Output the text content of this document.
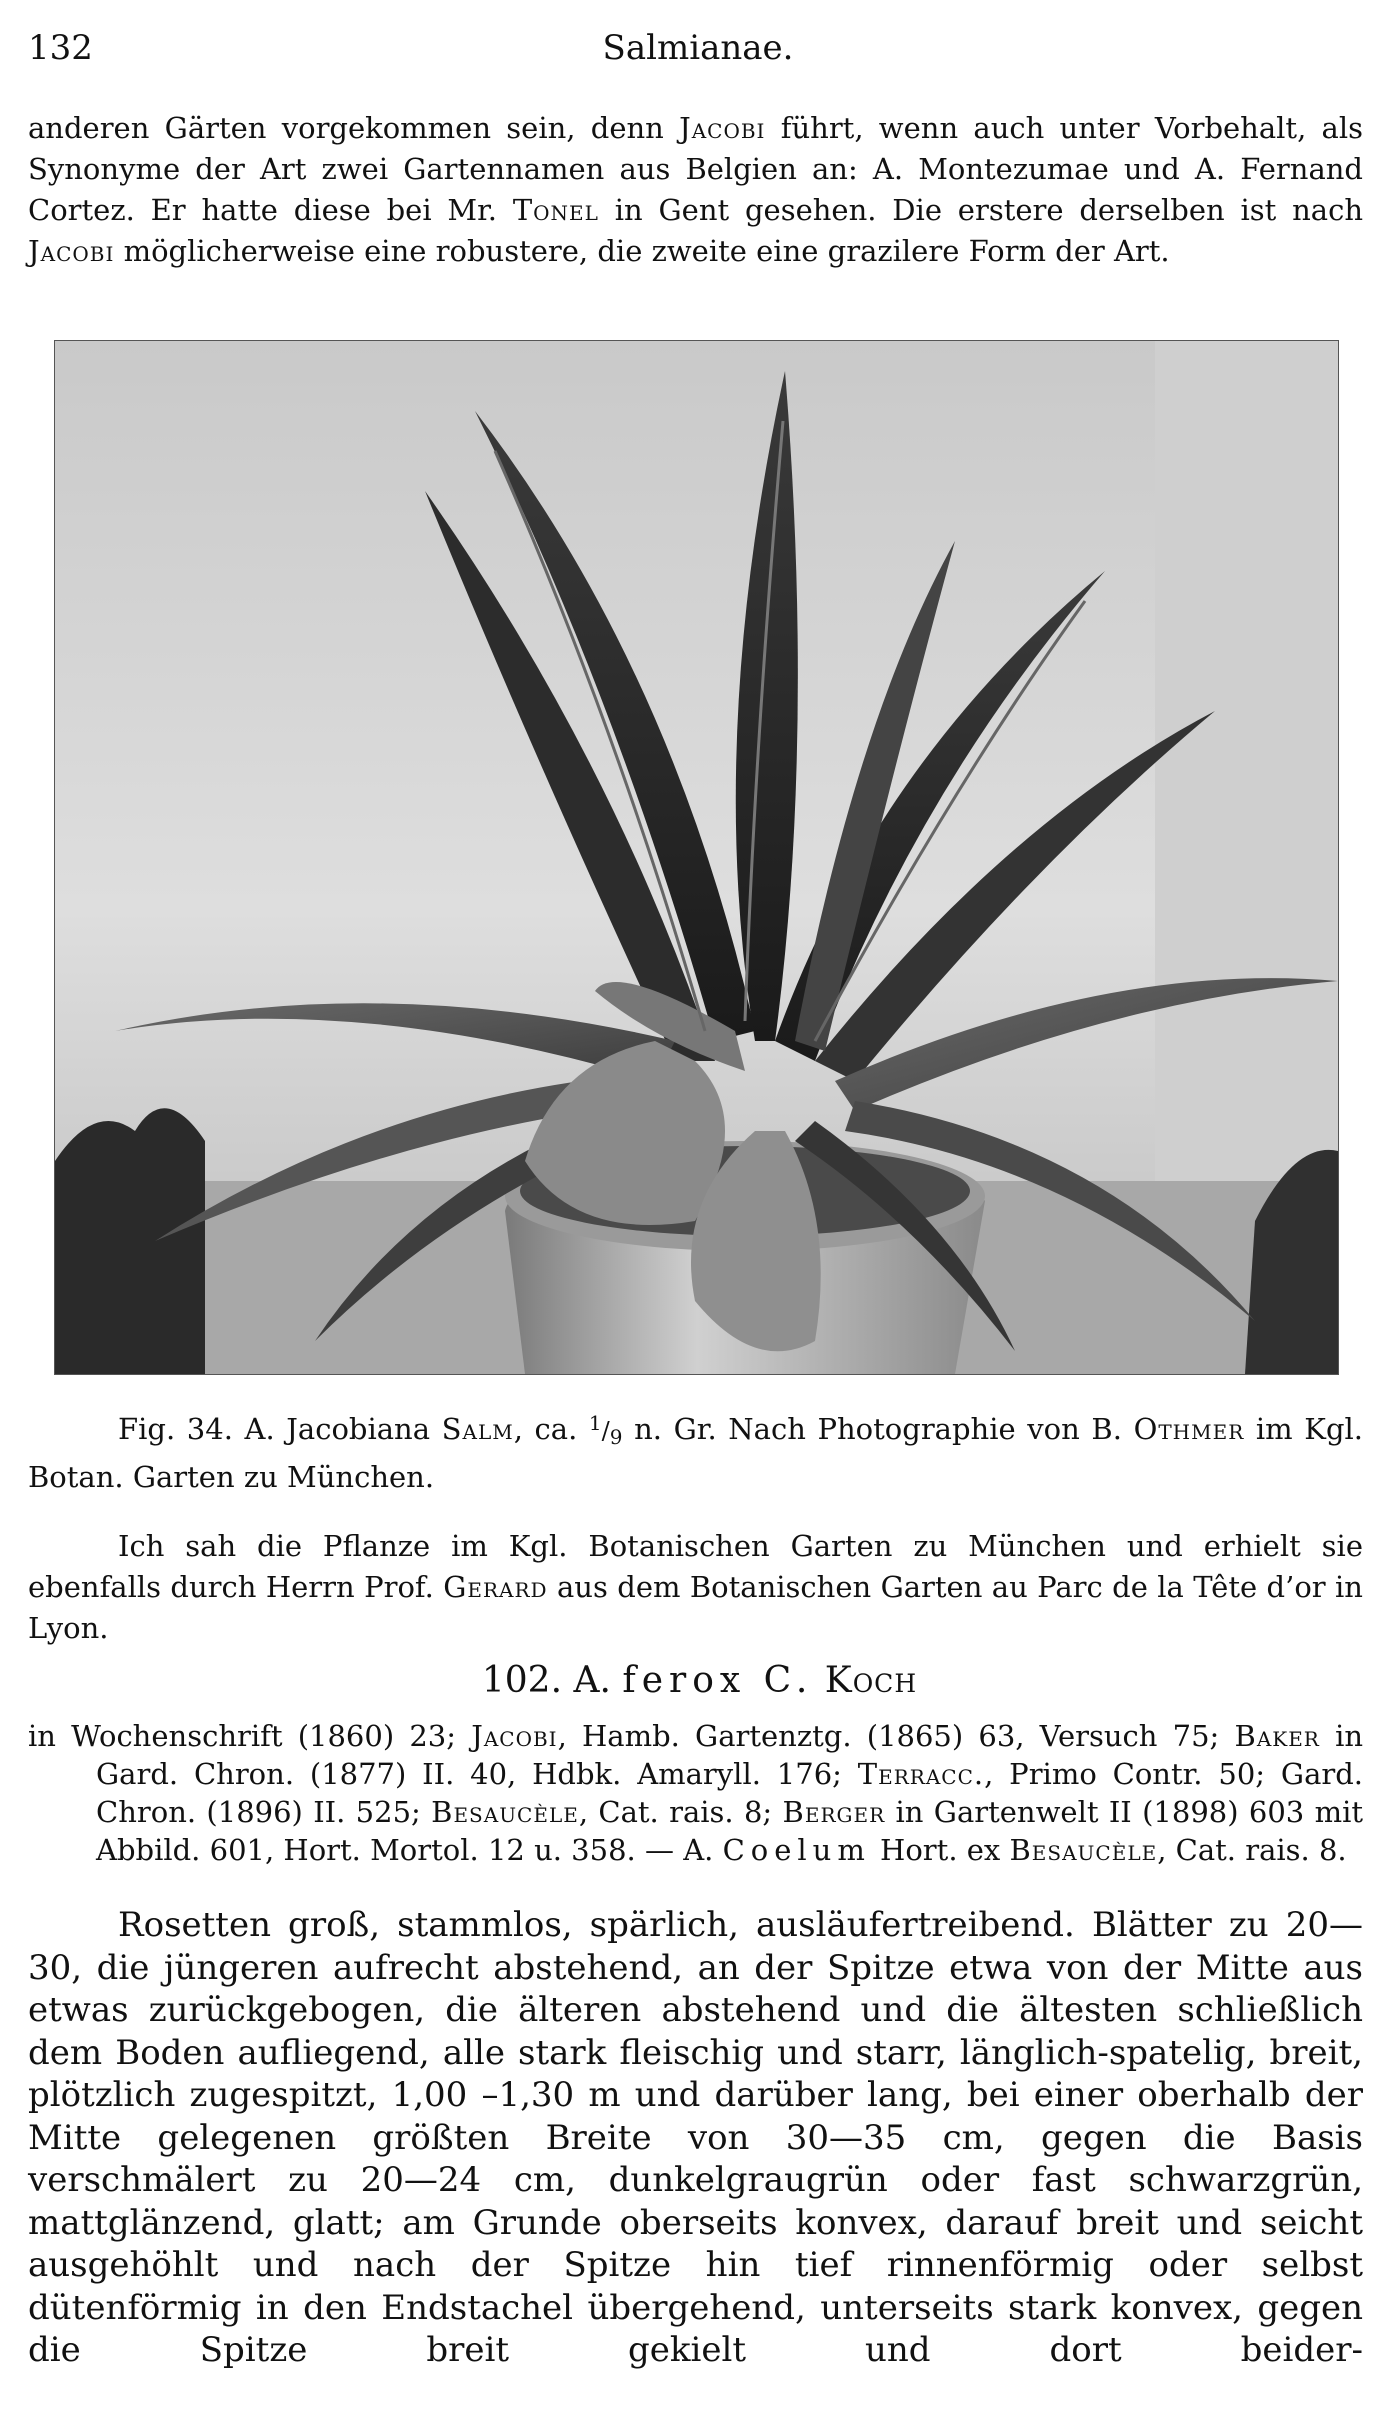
132	Salmianae.

anderen Gärten vorgekommen sein, denn Jacobi führt, wenn auch unter Vorbehalt, als Synonyme der Art zwei Gartennamen aus Belgien an: A. Montezumae und A. Fernand Cortez. Er hatte diese bei Mr. Tonel in Gent gesehen. Die erstere derselben ist nach Jacobi möglicherweise eine robustere, die zweite eine grazilere Form der Art.

Fig. 34. A. Jacobiana Salm, ca. $^1/_9$ n. Gr. Nach Photographie von B. Othmer im Kgl. Botan. Garten zu München.

Ich sah die Pflanze im Kgl. Botanischen Garten zu München und erhielt sie ebenfalls durch Herrn Prof. Gerard aus dem Botanischen Garten au Parc de la Tête d’or in Lyon.

102. A. ferox C. Koch

in Wochenschrift (1860) 23; Jacobi, Hamb. Gartenztg. (1865) 63, Versuch 75; Baker in Gard. Chron. (1877) II. 40, Hdbk. Amaryll. 176; Terracc., Primo Contr. 50; Gard. Chron. (1896) II. 525; Besaucèle, Cat. rais. 8; Berger in Gartenwelt II (1898) 603 mit Abbild. 601, Hort. Mortol. 12 u. 358. — A. Coelum Hort. ex Besaucèle, Cat. rais. 8.

Rosetten groß, stammlos, spärlich, ausläufertreibend. Blätter zu 20—30, die jüngeren aufrecht abstehend, an der Spitze etwa von der Mitte aus etwas zurückgebogen, die älteren abstehend und die ältesten schließlich dem Boden aufliegend, alle stark fleischig und starr, länglich-spatelig, breit, plötzlich zugespitzt, 1,00 –1,30 m und darüber lang, bei einer oberhalb der Mitte gelegenen größten Breite von 30—35 cm, gegen die Basis verschmälert zu 20—24 cm, dunkelgraugrün oder fast schwarzgrün, mattglänzend, glatt; am Grunde oberseits konvex, darauf breit und seicht ausgehöhlt und nach der Spitze hin tief rinnenförmig oder selbst dütenförmig in den Endstachel übergehend, unterseits stark konvex, gegen die Spitze breit gekielt und dort beider-
